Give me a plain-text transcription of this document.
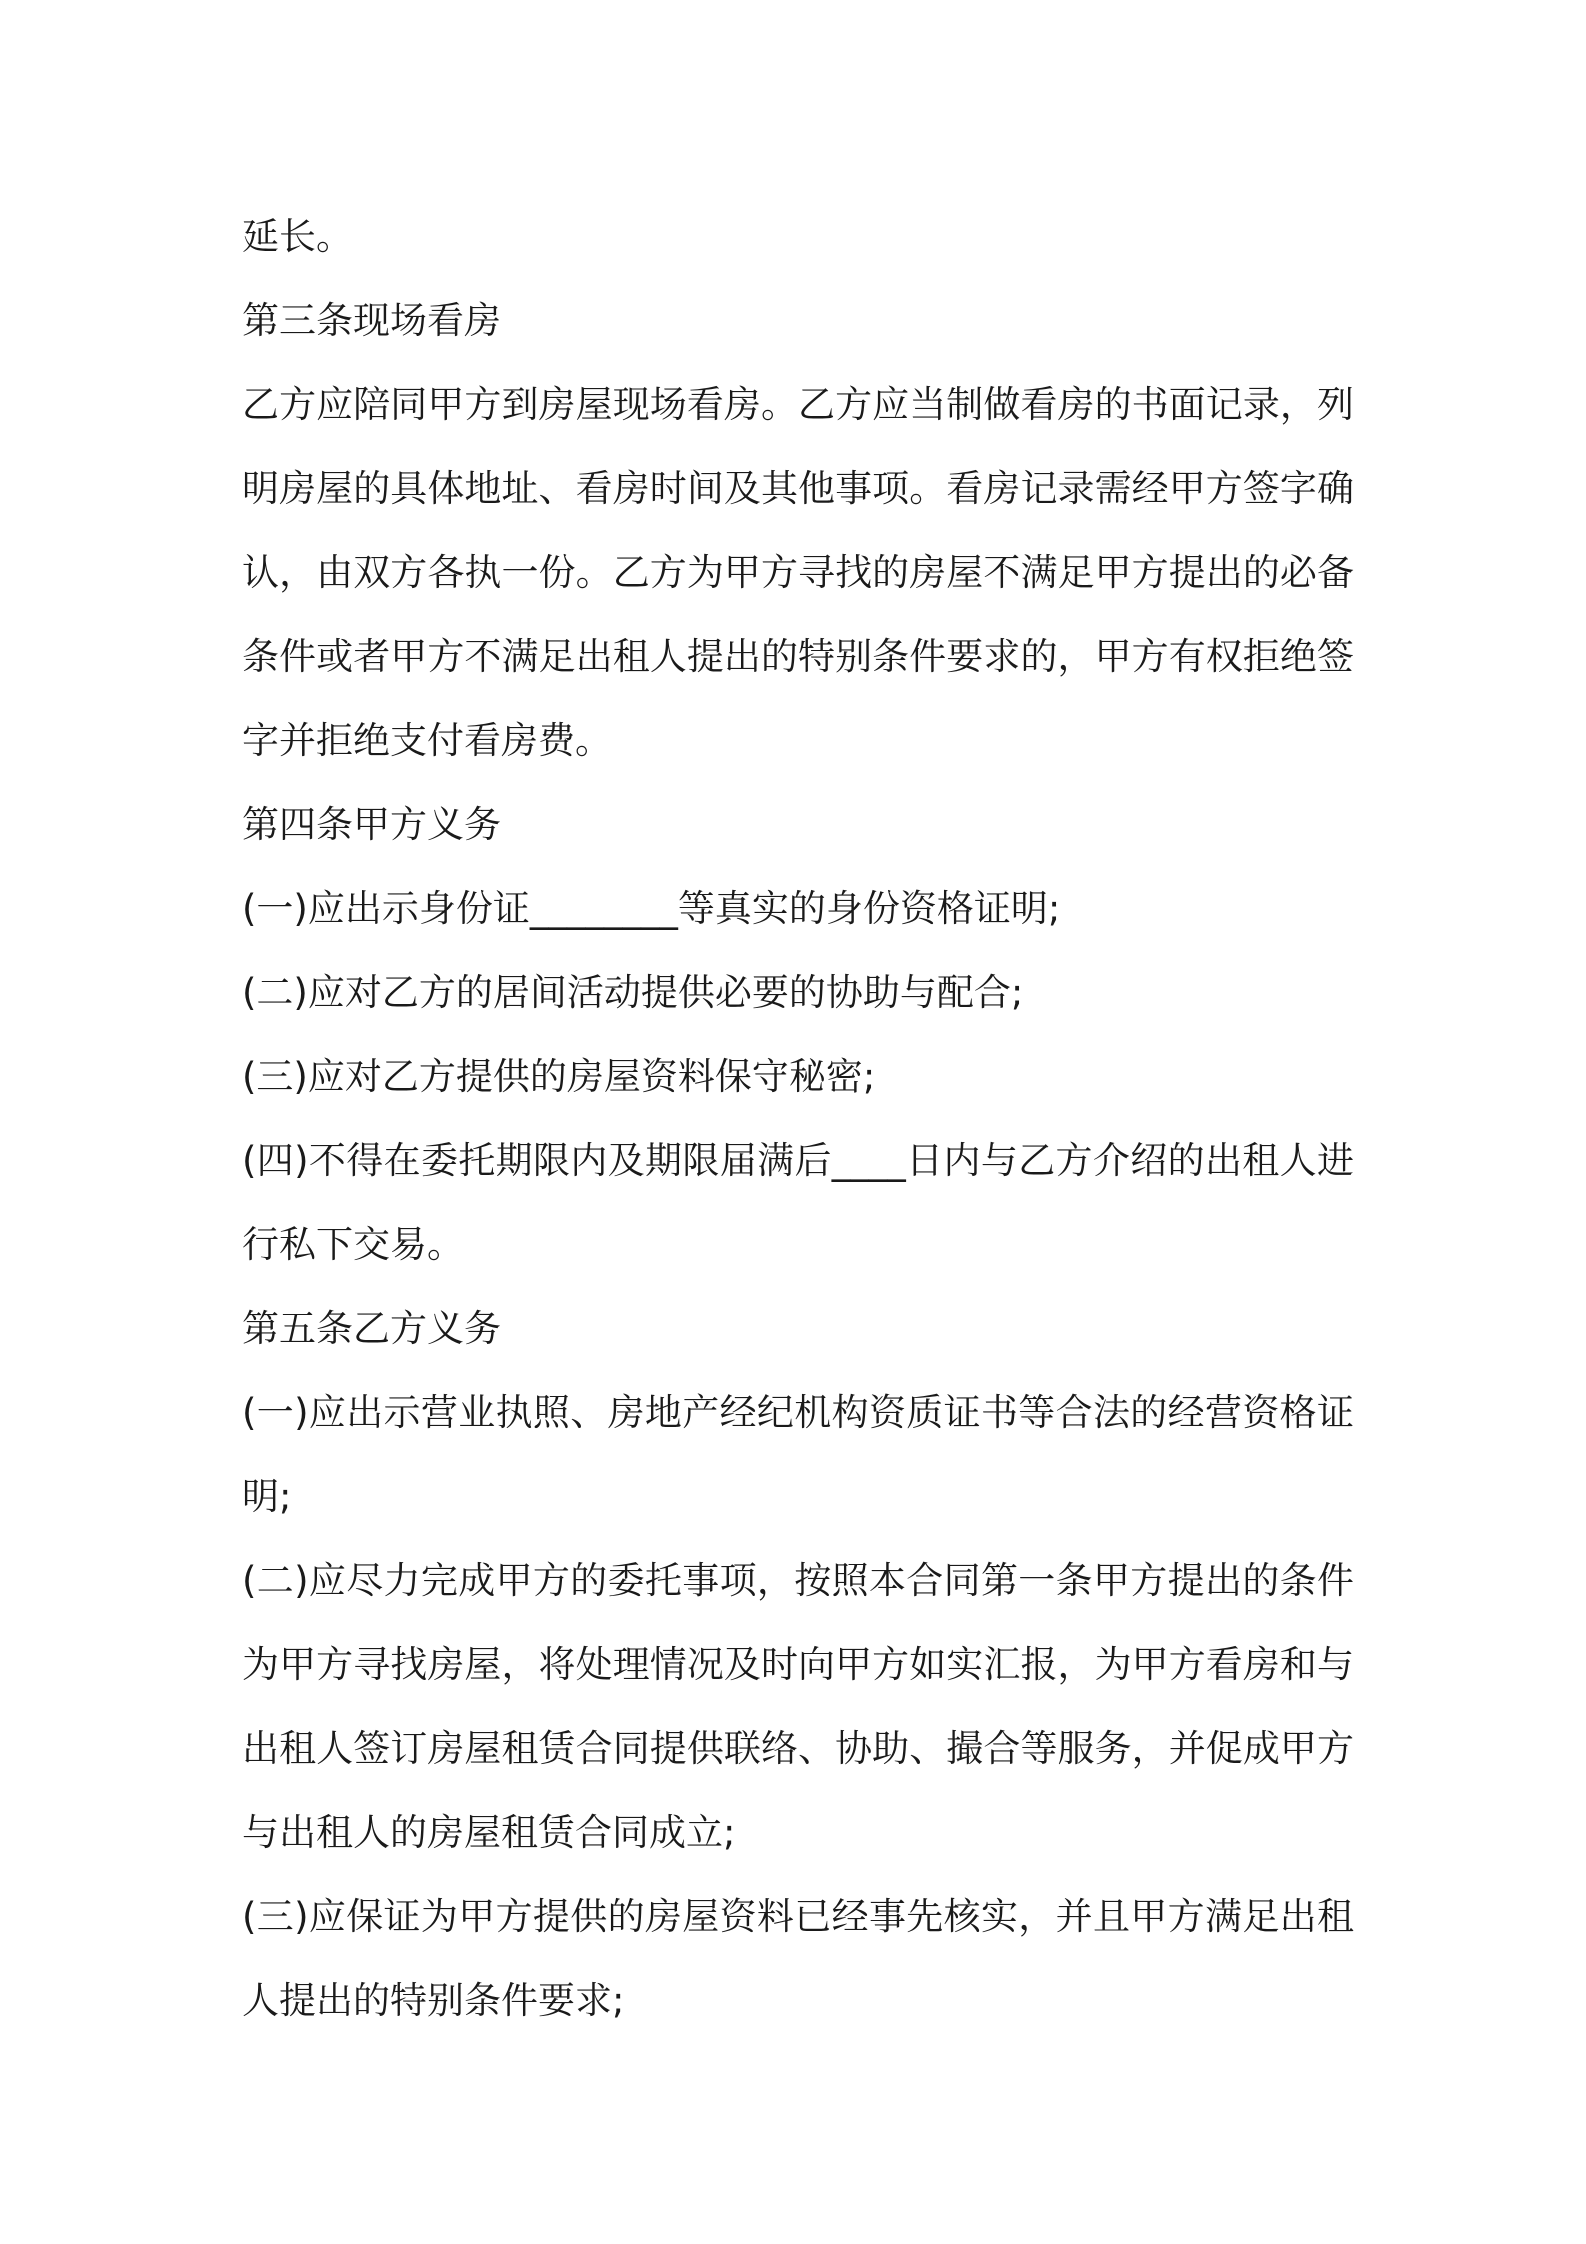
延长。

第三条现场看房

乙方应陪同甲方到房屋现场看房。乙方应当制做看房的书面记录，列明房屋的具体地址、看房时间及其他事项。看房记录需经甲方签字确认，由双方各执一份。乙方为甲方寻找的房屋不满足甲方提出的必备条件或者甲方不满足出租人提出的特别条件要求的，甲方有权拒绝签字并拒绝支付看房费。

第四条甲方义务

(一)应出示身份证________等真实的身份资格证明;

(二)应对乙方的居间活动提供必要的协助与配合;

(三)应对乙方提供的房屋资料保守秘密;

(四)不得在委托期限内及期限届满后____日内与乙方介绍的出租人进行私下交易。

第五条乙方义务

(一)应出示营业执照、房地产经纪机构资质证书等合法的经营资格证明;

(二)应尽力完成甲方的委托事项，按照本合同第一条甲方提出的条件为甲方寻找房屋，将处理情况及时向甲方如实汇报，为甲方看房和与出租人签订房屋租赁合同提供联络、协助、撮合等服务，并促成甲方与出租人的房屋租赁合同成立;

(三)应保证为甲方提供的房屋资料已经事先核实，并且甲方满足出租人提出的特别条件要求;
